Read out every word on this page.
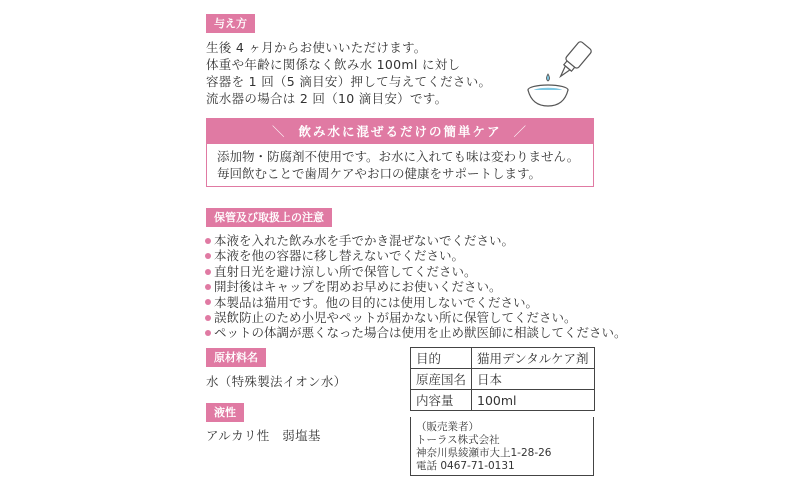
与え方
生後 4 ヶ月からお使いいただけます。
体重や年齢に関係なく飲み水 100ml に対し
容器を 1 回（5 滴目安）押して与えてください。
流水器の場合は 2 回（10 滴目安）です。
＼ 飲み水に混ぜるだけの簡単ケア ／
添加物・防腐剤不使用です。お水に入れても味は変わりません。
毎回飲むことで歯周ケアやお口の健康をサポートします。
保管及び取扱上の注意
本液を入れた飲み水を手でかき混ぜないでください。
本液を他の容器に移し替えないでください。
直射日光を避け涼しい所で保管してください。
開封後はキャップを閉めお早めにお使いください。
本製品は猫用です。他の目的には使用しないでください。
誤飲防止のため小児やペットが届かない所に保管してください。
ペットの体調が悪くなった場合は使用を止め獣医師に相談してください。
原材料名
水（特殊製法イオン水）
液性
アルカリ性　弱塩基
目的	猫用デンタルケア剤
原産国名	日本
内容量	100ml
（販売業者）
トーラス株式会社
神奈川県綾瀬市大上1-28-26
電話 0467-71-0131
